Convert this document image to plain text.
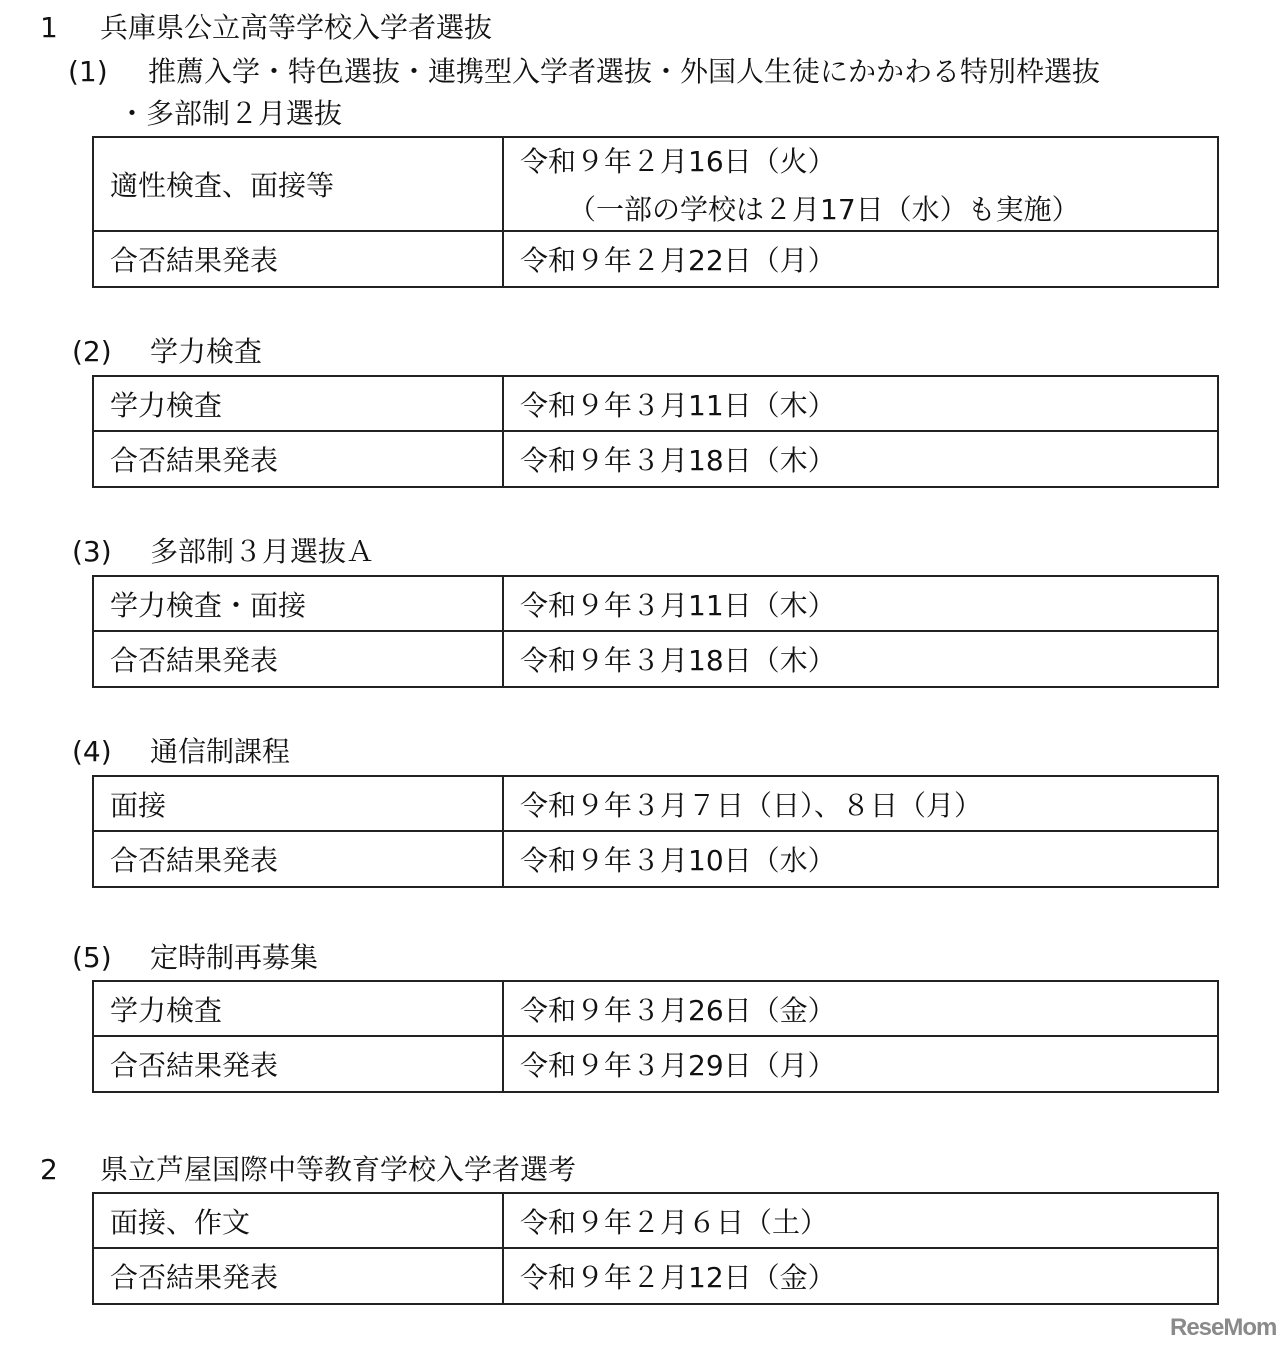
1 兵庫県公立高等学校入学者選抜
(1) 推薦入学・特色選抜・連携型入学者選抜・外国人生徒にかかわる特別枠選抜
・多部制２月選抜
適性検査、面接等	令和９年２月16日（火）
（一部の学校は２月17日（水）も実施）

合否結果発表	令和９年２月22日（月）
(2) 学力検査
学力検査	令和９年３月11日（木）
合否結果発表	令和９年３月18日（木）
(3) 多部制３月選抜Ａ
学力検査・面接	令和９年３月11日（木）
合否結果発表	令和９年３月18日（木）
(4) 通信制課程
面接	令和９年３月７日（日）、８日（月）
合否結果発表	令和９年３月10日（水）
(5) 定時制再募集
学力検査	令和９年３月26日（金）
合否結果発表	令和９年３月29日（月）
2 県立芦屋国際中等教育学校入学者選考
面接、作文	令和９年２月６日（土）
合否結果発表	令和９年２月12日（金）
ReseMom
